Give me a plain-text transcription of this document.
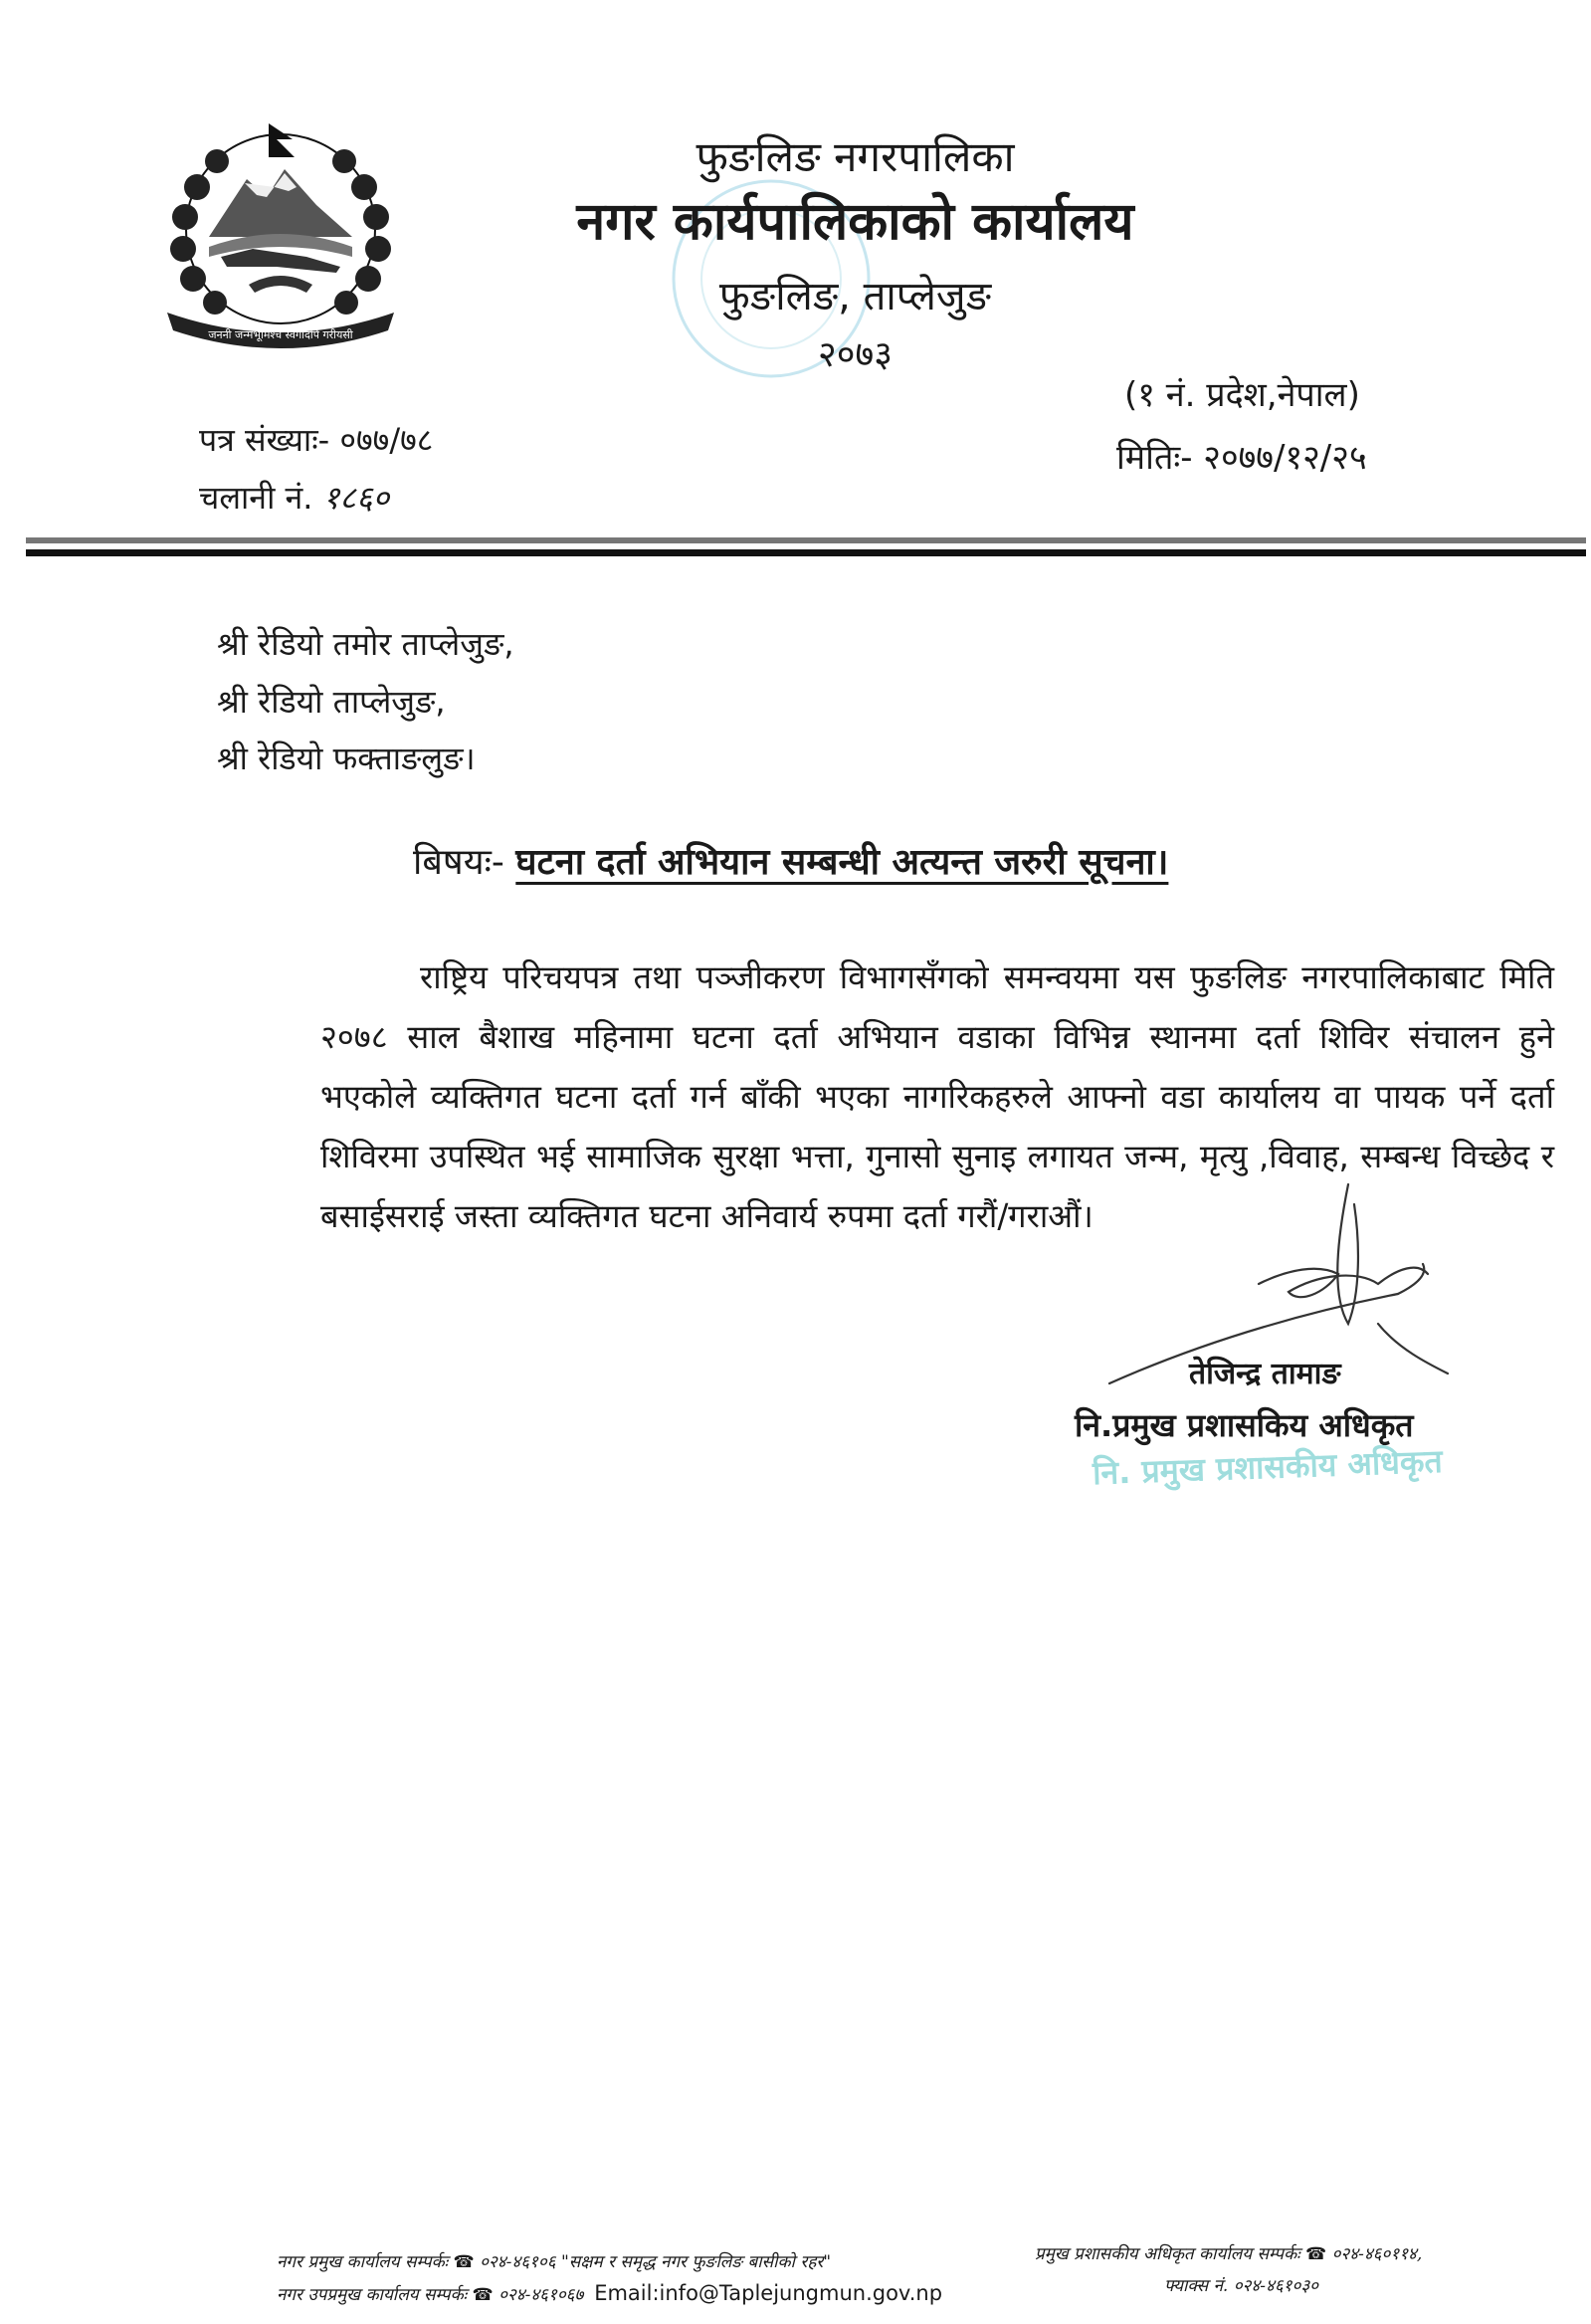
जननी जन्मभूमिश्च स्वर्गादपि गरीयसी
फुङलिङ नगरपालिका
नगर कार्यपालिकाको कार्यालय
फुङलिङ, ताप्लेजुङ
२०७३
(१ नं. प्रदेश,नेपाल)
मितिः- २०७७/१२/२५
पत्र संख्याः- ०७७/७८
चलानी नं. १८६०
श्री रेडियो तमोर ताप्लेजुङ,
श्री रेडियो ताप्लेजुङ,
श्री रेडियो फक्ताङलुङ।
बिषयः- घटना दर्ता अभियान सम्बन्धी अत्यन्त जरुरी सूचना।

राष्ट्रिय परिचयपत्र तथा पञ्जीकरण विभागसँगको समन्वयमा यस फुङलिङ नगरपालिकाबाट मिति
२०७८ साल बैशाख महिनामा घटना दर्ता अभियान वडाका विभिन्न स्थानमा दर्ता शिविर संचालन हुने
भएकोले व्यक्तिगत घटना दर्ता गर्न बाँकी भएका नागरिकहरुले आफ्नो वडा कार्यालय वा पायक पर्ने दर्ता
शिविरमा उपस्थित भई सामाजिक सुरक्षा भत्ता, गुनासो सुनाइ लगायत जन्म, मृत्यु ,विवाह, सम्बन्ध विच्छेद र
बसाईसराई जस्ता व्यक्तिगत घटना अनिवार्य रुपमा दर्ता गरौं/गराऔं।

तेजिन्द्र तामाङ
नि.प्रमुख प्रशासकिय अधिकृत
नि. प्रमुख प्रशासकीय अधिकृत
नगर प्रमुख कार्यालय सम्पर्कः ☎ ०२४-४६१०६ "सक्षम र समृद्ध नगर फुङलिङ बासीको रहर"
नगर उपप्रमुख कार्यालय सम्पर्कः ☎ ०२४-४६१०६७ Email:info@Taplejungmun.gov.np
प्रमुख प्रशासकीय अधिकृत कार्यालय सम्पर्कः ☎ ०२४-४६०११४,
फ्याक्स नं. ०२४-४६१०३०
